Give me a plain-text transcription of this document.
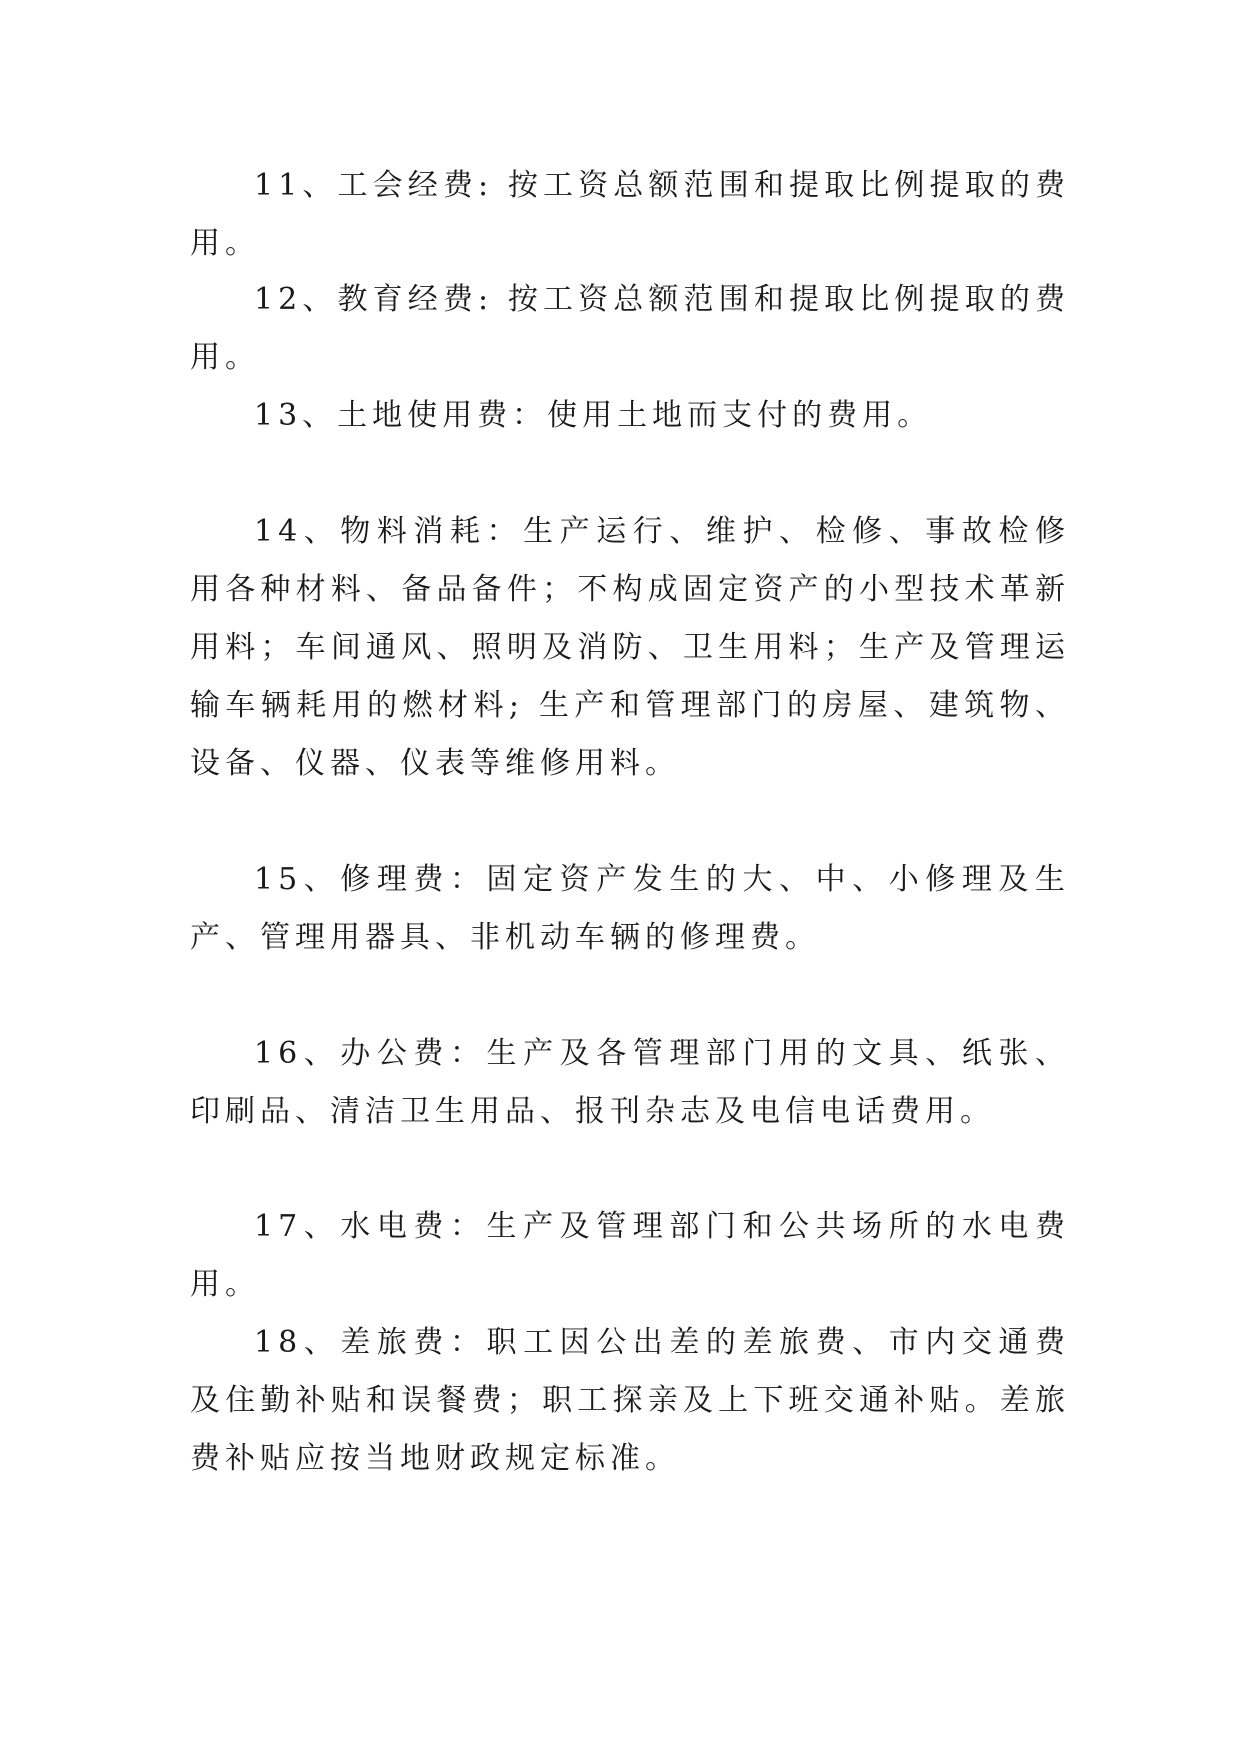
11、工会经费: 按工资总额范围和提取比例提取的费用。

12、教育经费: 按工资总额范围和提取比例提取的费用。

13、土地使用费：使用土地而支付的费用。

14、物料消耗：生产运行、维护、检修、事故检修用各种材料、备品备件；不构成固定资产的小型技术革新用料；车间通风、照明及消防、卫生用料；生产及管理运输车辆耗用的燃材料; 生产和管理部门的房屋、建筑物、设备、仪器、仪表等维修用料。

15、修理费：固定资产发生的大、中、小修理及生产、管理用器具、非机动车辆的修理费。

16、办公费：生产及各管理部门用的文具、纸张、印刷品、清洁卫生用品、报刊杂志及电信电话费用。

17、水电费：生产及管理部门和公共场所的水电费用。

18、差旅费：职工因公出差的差旅费、市内交通费及住勤补贴和误餐费；职工探亲及上下班交通补贴。差旅费补贴应按当地财政规定标准。
